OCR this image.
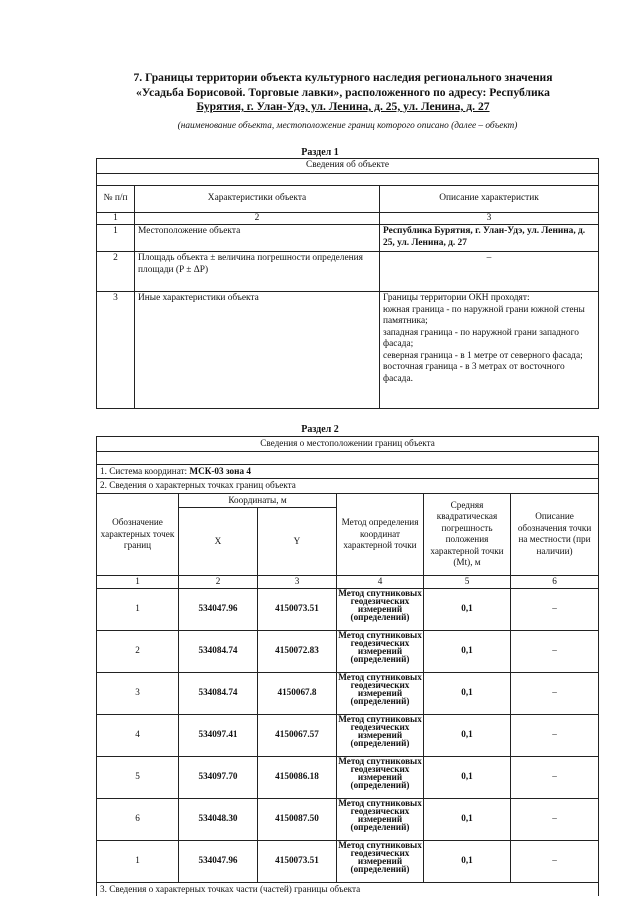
7. Границы территории объекта культурного наследия регионального значения
«Усадьба Борисовой. Торговые лавки», расположенного по адресу: Республика
Бурятия, г. Улан-Удэ, ул. Ленина, д. 25, ул. Ленина, д. 27
(наименование объекта, местоположение границ которого описано (далее – объект)
Раздел 1
Сведения об объекте		

№ п/п	Характеристики объекта	Описание характеристик
1	2	3
1	Местоположение объекта	Республика Бурятия, г. Улан-Удэ, ул. Ленина, д. 25, ул. Ленина, д. 27
2	Площадь объекта ± величина погрешности определения площади (P ± ΔP)	–
3	Иные характеристики объекта	Границы территории ОКН проходят:
южная граница - по наружной грани южной стены памятника;
западная граница - по наружной грани западного фасада;
северная граница - в 1 метре от северного фасада;
восточная граница - в 3 метрах от восточного фасада.
Раздел 2
Сведения о местоположении границ объекта					

1. Система координат: МСК-03 зона 4					
2. Сведения о характерных точках границ объекта					
Обозначение характерных точек границ	Координаты, м		Метод определения координат характерной точки	Средняя квадратическая погрешность положения характерной точки (Mt), м	Описание обозначения точки на местности (при наличии)
	X	Y			
1	2	3	4	5	6
1	534047.96	4150073.51	Метод спутниковых геодезических измерений (определений)	0,1	–
2	534084.74	4150072.83	Метод спутниковых геодезических измерений (определений)	0,1	–
3	534084.74	4150067.8	Метод спутниковых геодезических измерений (определений)	0,1	–
4	534097.41	4150067.57	Метод спутниковых геодезических измерений (определений)	0,1	–
5	534097.70	4150086.18	Метод спутниковых геодезических измерений (определений)	0,1	–
6	534048.30	4150087.50	Метод спутниковых геодезических измерений (определений)	0,1	–
1	534047.96	4150073.51	Метод спутниковых геодезических измерений (определений)	0,1	–
3. Сведения о характерных точках части (частей) границы объекта					
